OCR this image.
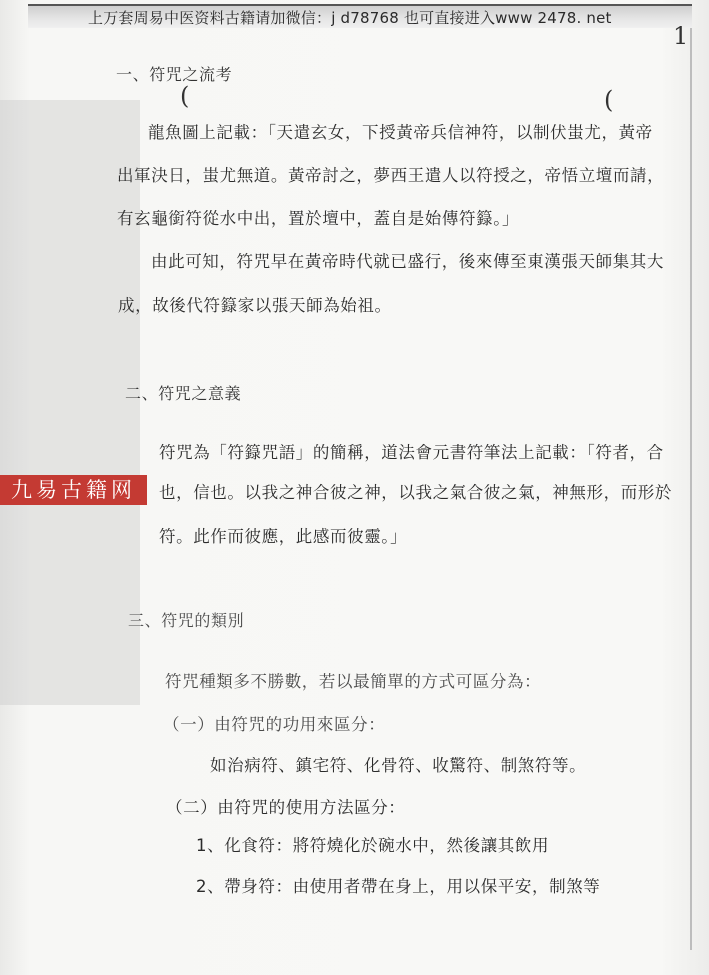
上万套周易中医资料古籍请加微信：j d78768 也可直接进入www 2478. net
1
(	(
一、符咒之流考
龍魚圖上記載：「天遣玄女，下授黃帝兵信神符，以制伏蚩尤，黃帝
出軍決日，蚩尤無道。黃帝討之，夢西王遣人以符授之，帝悟立壇而請，
有玄龜銜符從水中出，置於壇中，蓋自是始傳符籙。」
由此可知，符咒早在黃帝時代就已盛行，後來傳至東漢張天師集其大
成，故後代符籙家以張天師為始祖。
二、符咒之意義
符咒為「符籙咒語」的簡稱，道法會元書符筆法上記載：「符者，合
也，信也。以我之神合彼之神，以我之氣合彼之氣，神無形，而形於
符。此作而彼應，此感而彼靈。」
三、符咒的類別
符咒種類多不勝數，若以最簡單的方式可區分為：
（一）由符咒的功用來區分：
如治病符、鎮宅符、化骨符、收驚符、制煞符等。
（二）由符咒的使用方法區分：
1、化食符：將符燒化於碗水中，然後讓其飲用
2、帶身符：由使用者帶在身上，用以保平安，制煞等
九易古籍网
